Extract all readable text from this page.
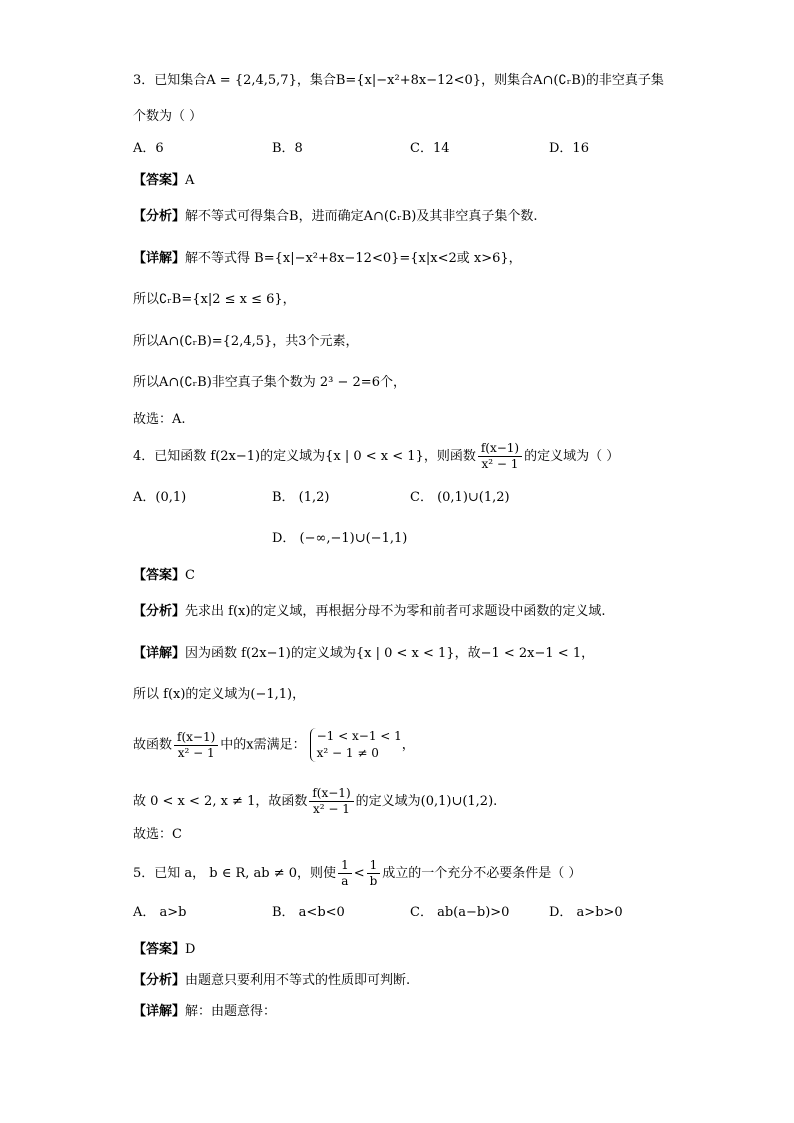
3．已知集合A = {2,4,5,7}，集合B={x|−x²+8x−12<0}，则集合A∩(∁ᵣB)的非空真子集
个数为（ ）
A．6	B．8	C．14	D．16
【答案】A
【分析】解不等式可得集合B，进而确定A∩(∁ᵣB)及其非空真子集个数.
【详解】解不等式得 B={x|−x²+8x−12<0}={x|x<2或 x>6}，
所以∁ᵣB={x|2 ≤ x ≤ 6}，
所以A∩(∁ᵣB)={2,4,5}，共3个元素，
所以A∩(∁ᵣB)非空真子集个数为 2³ − 2=6个，
故选：A.
4．已知函数 f(2x−1)的定义域为{x | 0 < x < 1}，则函数 $\frac{f(x-1)}{\text{x² − 1}}$ 的定义域为（ ）
A．(0,1)	B． (1,2)	C． (0,1)∪(1,2)
D． (−∞,−1)∪(−1,1)
【答案】C
【分析】先求出 f(x)的定义域，再根据分母不为零和前者可求题设中函数的定义域.
【详解】因为函数 f(2x−1)的定义域为{x | 0 < x < 1}，故−1 < 2x−1 < 1，
所以 f(x)的定义域为(−1,1)，
故函数 $\frac{f(x-1)}{\text{x² − 1}}$ 中的x需满足：
−1 < x−1 < 1
x² − 1 ≠ 0
，
故 0 < x < 2, x ≠ 1，故函数 $\frac{f(x-1)}{\text{x² − 1}}$ 的定义域为(0,1)∪(1,2).
故选：C
5．已知 a， b ∈ R, ab ≠ 0，则使 $\frac{1}{a} < \frac{1}{b}$ 成立的一个充分不必要条件是（ ）
A． a>b	B． a<b<0	C． ab(a−b)>0	D． a>b>0
【答案】D
【分析】由题意只要利用不等式的性质即可判断.
【详解】解：由题意得：
